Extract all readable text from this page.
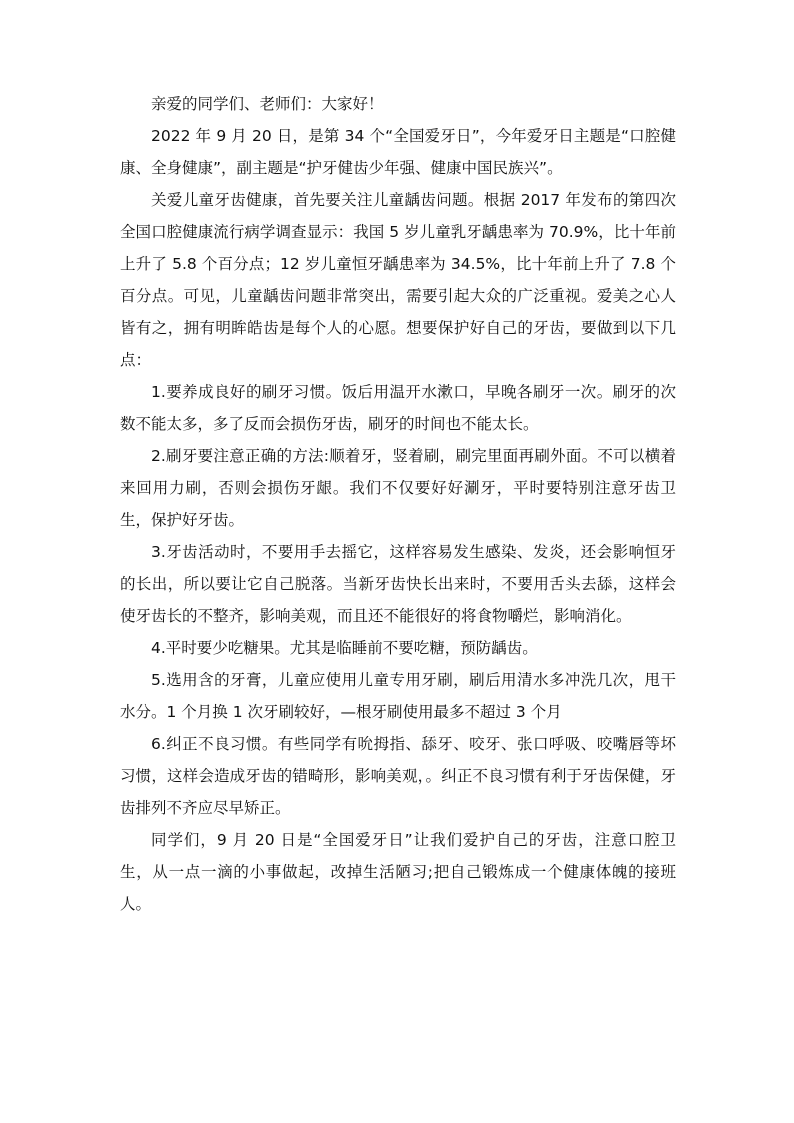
亲爱的同学们、老师们：大家好！

2022 年 9 月 20 日，是第 34 个“全国爱牙日”，今年爱牙日主题是“口腔健康、全身健康”，副主题是“护牙健齿少年强、健康中国民族兴”。

关爱儿童牙齿健康，首先要关注儿童龋齿问题。根据 2017 年发布的第四次全国口腔健康流行病学调查显示：我国 5 岁儿童乳牙龋患率为 70.9%，比十年前上升了 5.8 个百分点；12 岁儿童恒牙龋患率为 34.5%，比十年前上升了 7.8 个百分点。可见，儿童龋齿问题非常突出，需要引起大众的广泛重视。爱美之心人皆有之，拥有明眸皓齿是每个人的心愿。想要保护好自己的牙齿，要做到以下几点：

1.要养成良好的刷牙习惯。饭后用温开水漱口，早晚各刷牙一次。刷牙的次数不能太多，多了反而会损伤牙齿，刷牙的时间也不能太长。

2.刷牙要注意正确的方法:顺着牙，竖着刷，刷完里面再刷外面。不可以横着来回用力刷，否则会损伤牙龈。我们不仅要好好涮牙，平时要特别注意牙齿卫生，保护好牙齿。

3.牙齿活动时，不要用手去摇它，这样容易发生感染、发炎，还会影响恒牙的长出，所以要让它自己脱落。当新牙齿快长出来时，不要用舌头去舔，这样会使牙齿长的不整齐，影响美观，而且还不能很好的将食物嚼烂，影响消化。

4.平时要少吃糖果。尤其是临睡前不要吃糖，预防龋齿。

5.选用含的牙膏，儿童应使用儿童专用牙刷，刷后用清水多冲洗几次，甩干水分。1 个月换 1 次牙刷较好，—根牙刷使用最多不超过 3 个月

6.纠正不良习惯。有些同学有吮拇指、舔牙、咬牙、张口呼吸、咬嘴唇等坏习惯，这样会造成牙齿的错畸形，影响美观，。纠正不良习惯有利于牙齿保健，牙齿排列不齐应尽早矫正。

同学们，9 月 20 日是“全国爱牙日”让我们爱护自己的牙齿，注意口腔卫生，从一点一滴的小事做起，改掉生活陋习;把自己锻炼成一个健康体魄的接班人。
